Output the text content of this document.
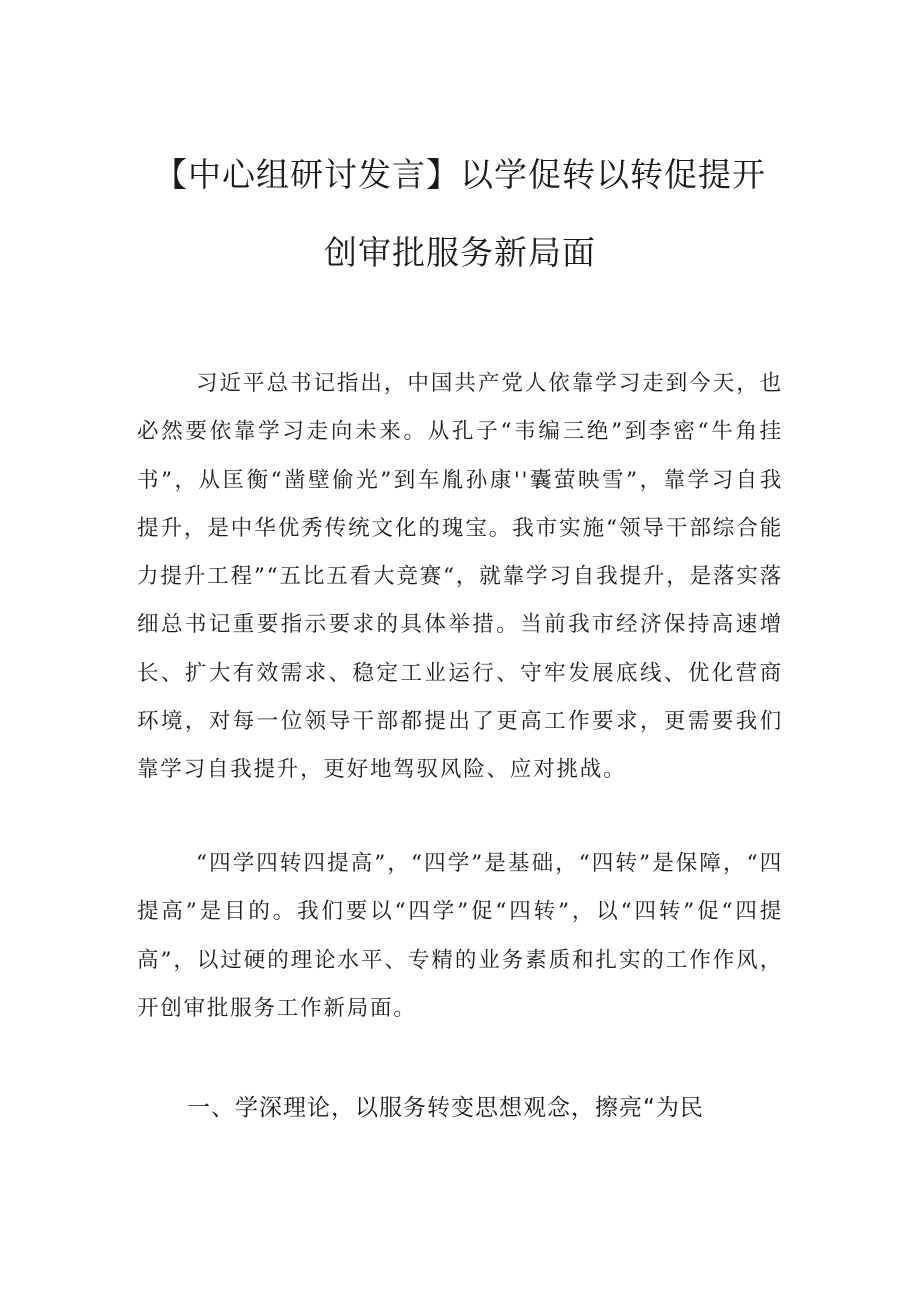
【中心组研讨发言】以学促转以转促提开
创审批服务新局面

习近平总书记指出，中国共产党人依靠学习走到今天，也必然要依靠学习走向未来。从孔子“韦编三绝”到李密“牛角挂书”，从匡衡“凿壁偷光”到车胤孙康''囊萤映雪”，靠学习自我提升，是中华优秀传统文化的瑰宝。我市实施“领导干部综合能力提升工程”“五比五看大竞赛“，就靠学习自我提升，是落实落细总书记重要指示要求的具体举措。当前我市经济保持高速增长、扩大有效需求、稳定工业运行、守牢发展底线、优化营商环境，对每一位领导干部都提出了更高工作要求，更需要我们靠学习自我提升，更好地驾驭风险、应对挑战。

“四学四转四提高”，“四学”是基础，“四转”是保障，“四提高”是目的。我们要以“四学”促“四转”，以“四转”促“四提高”，以过硬的理论水平、专精的业务素质和扎实的工作作风，开创审批服务工作新局面。

一、学深理论，以服务转变思想观念，擦亮“为民
